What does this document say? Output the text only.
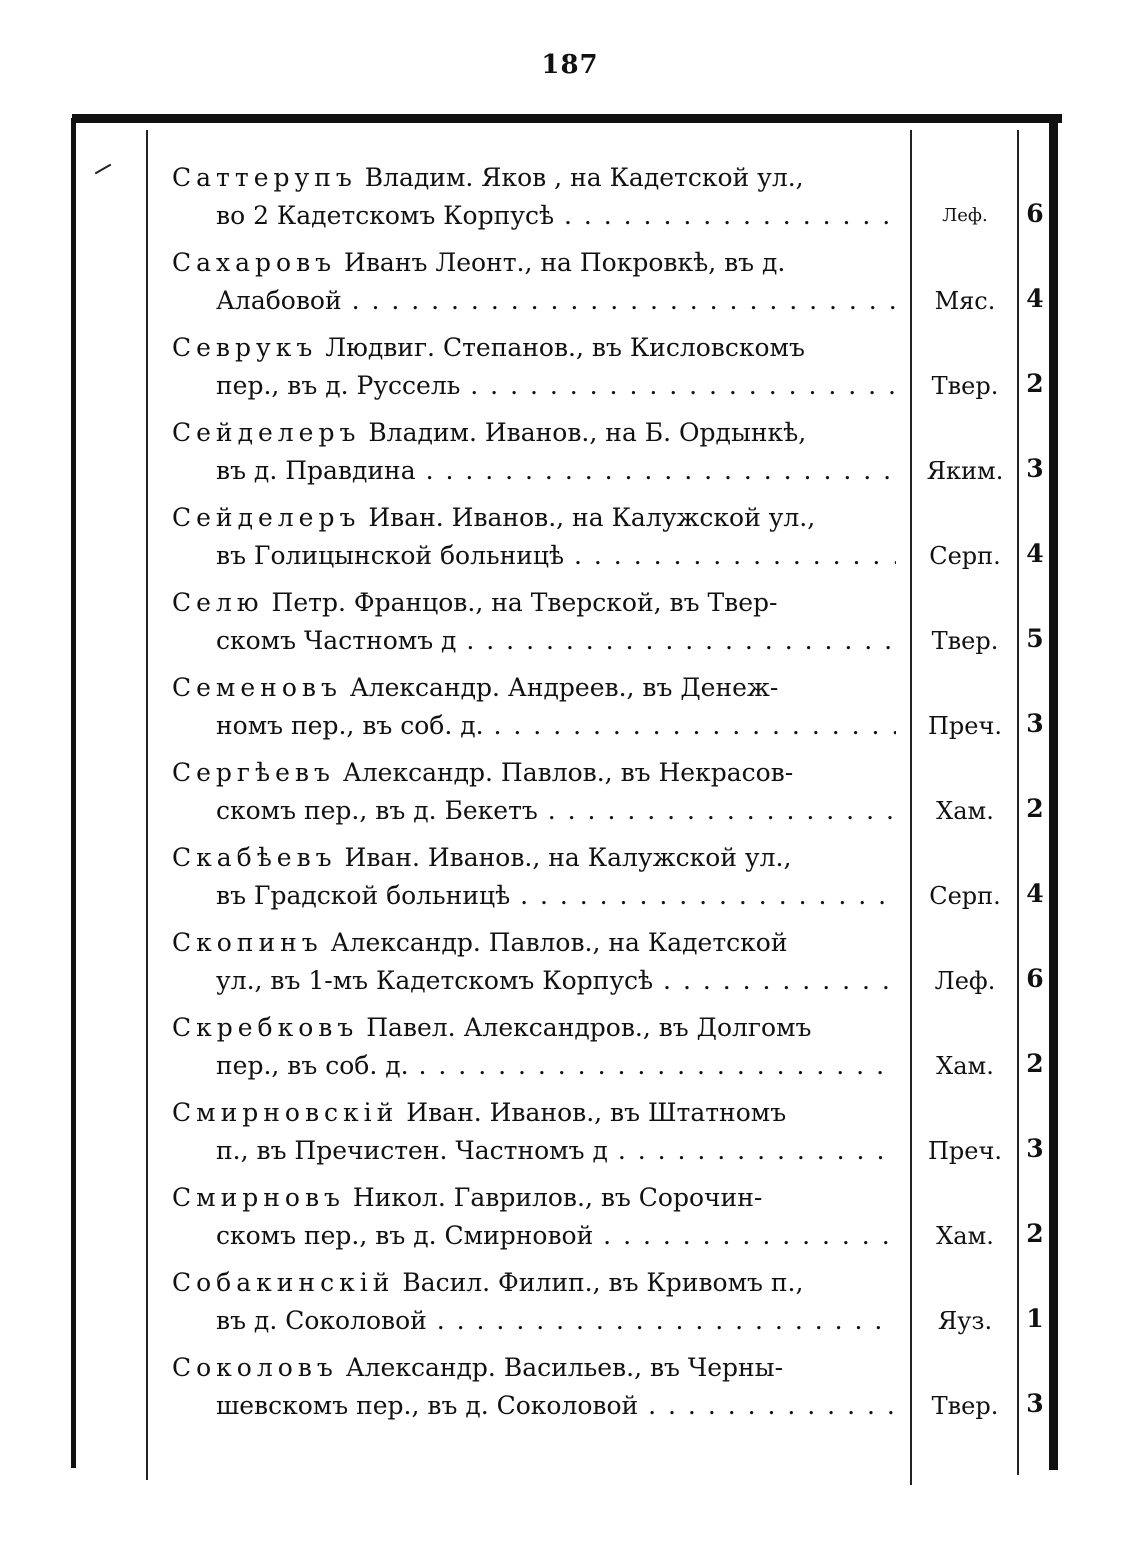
187
Саттерупъ Владим. Яков , на Кадетской ул.,
во 2 Кадетскомъ Корпусѣ . . .	Леф.	6
Сахаровъ Иванъ Леонт., на Покровкѣ, въ д.
Алабовой . . .	Мяс.	4
Севрукъ Людвиг. Степанов., въ Кисловскомъ
пер., въ д. Руссель . . .	Твер.	2
Сейделеръ Владим. Иванов., на Б. Ордынкѣ,
въ д. Правдина . . .	Яким. 3
Сейделеръ Иван. Иванов., на Калужской ул.,
въ Голицынской больницѣ . . .	Серп.	4
Селю Петр. Францов., на Тверской, въ Твер-
скомъ Частномъ д . . .	Твер.	5
Семеновъ Александр. Андреев., въ Денеж-
номъ пер., въ соб. д. . . .	Преч. 3
Сергѣевъ Александр. Павлов., въ Некрасов-
скомъ пер., въ д. Бекетъ . . .	Хам.	2
Скабѣевъ Иван. Иванов., на Калужской ул.,
въ Градской больницѣ . . .	Серп.	4
Скопинъ Александр. Павлов., на Кадетской
ул., въ 1-мъ Кадетскомъ Корпусѣ . . .	Леф.	6
Скребковъ Павел. Александров., въ Долгомъ
пер., въ соб. д. . . .	Хам.	2
Смирновскій Иван. Иванов., въ Штатномъ
п., въ Пречистен. Частномъ д . . .	Преч. 3
Смирновъ Никол. Гаврилов., въ Сорочин-
скомъ пер., въ д. Смирновой . . .	Хам.	2
Собакинскій Васил. Филип., въ Кривомъ п.,
въ д. Соколовой . . .	Яуз.	1
Соколовъ Александр. Васильев., въ Черны-
шевскомъ пер., въ д. Соколовой . . .	Твер.	3
